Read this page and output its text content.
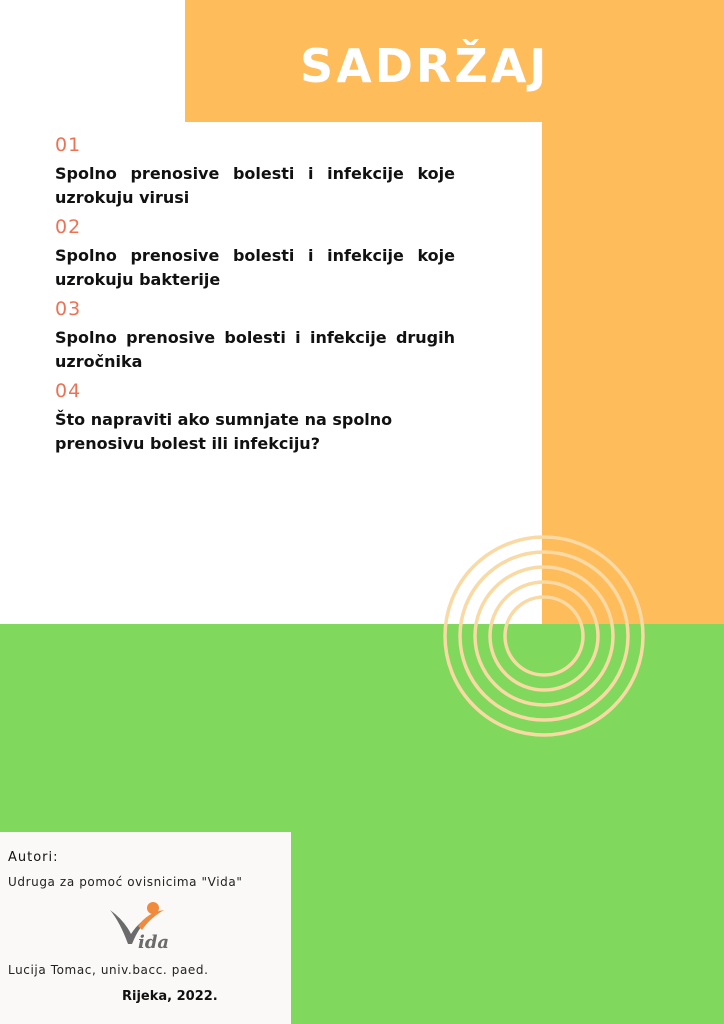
SADRŽAJ
01
Spolno prenosive bolesti i infekcije koje uzrokuju virusi
02
Spolno prenosive bolesti i infekcije koje uzrokuju bakterije
03
Spolno prenosive bolesti i infekcije drugih uzročnika
04
Što napraviti ako sumnjate na spolno prenosivu bolest ili infekciju?
Autori:
Udruga za pomoć ovisnicima "Vida"
ida
Lucija Tomac, univ.bacc. paed.
Rijeka, 2022.
